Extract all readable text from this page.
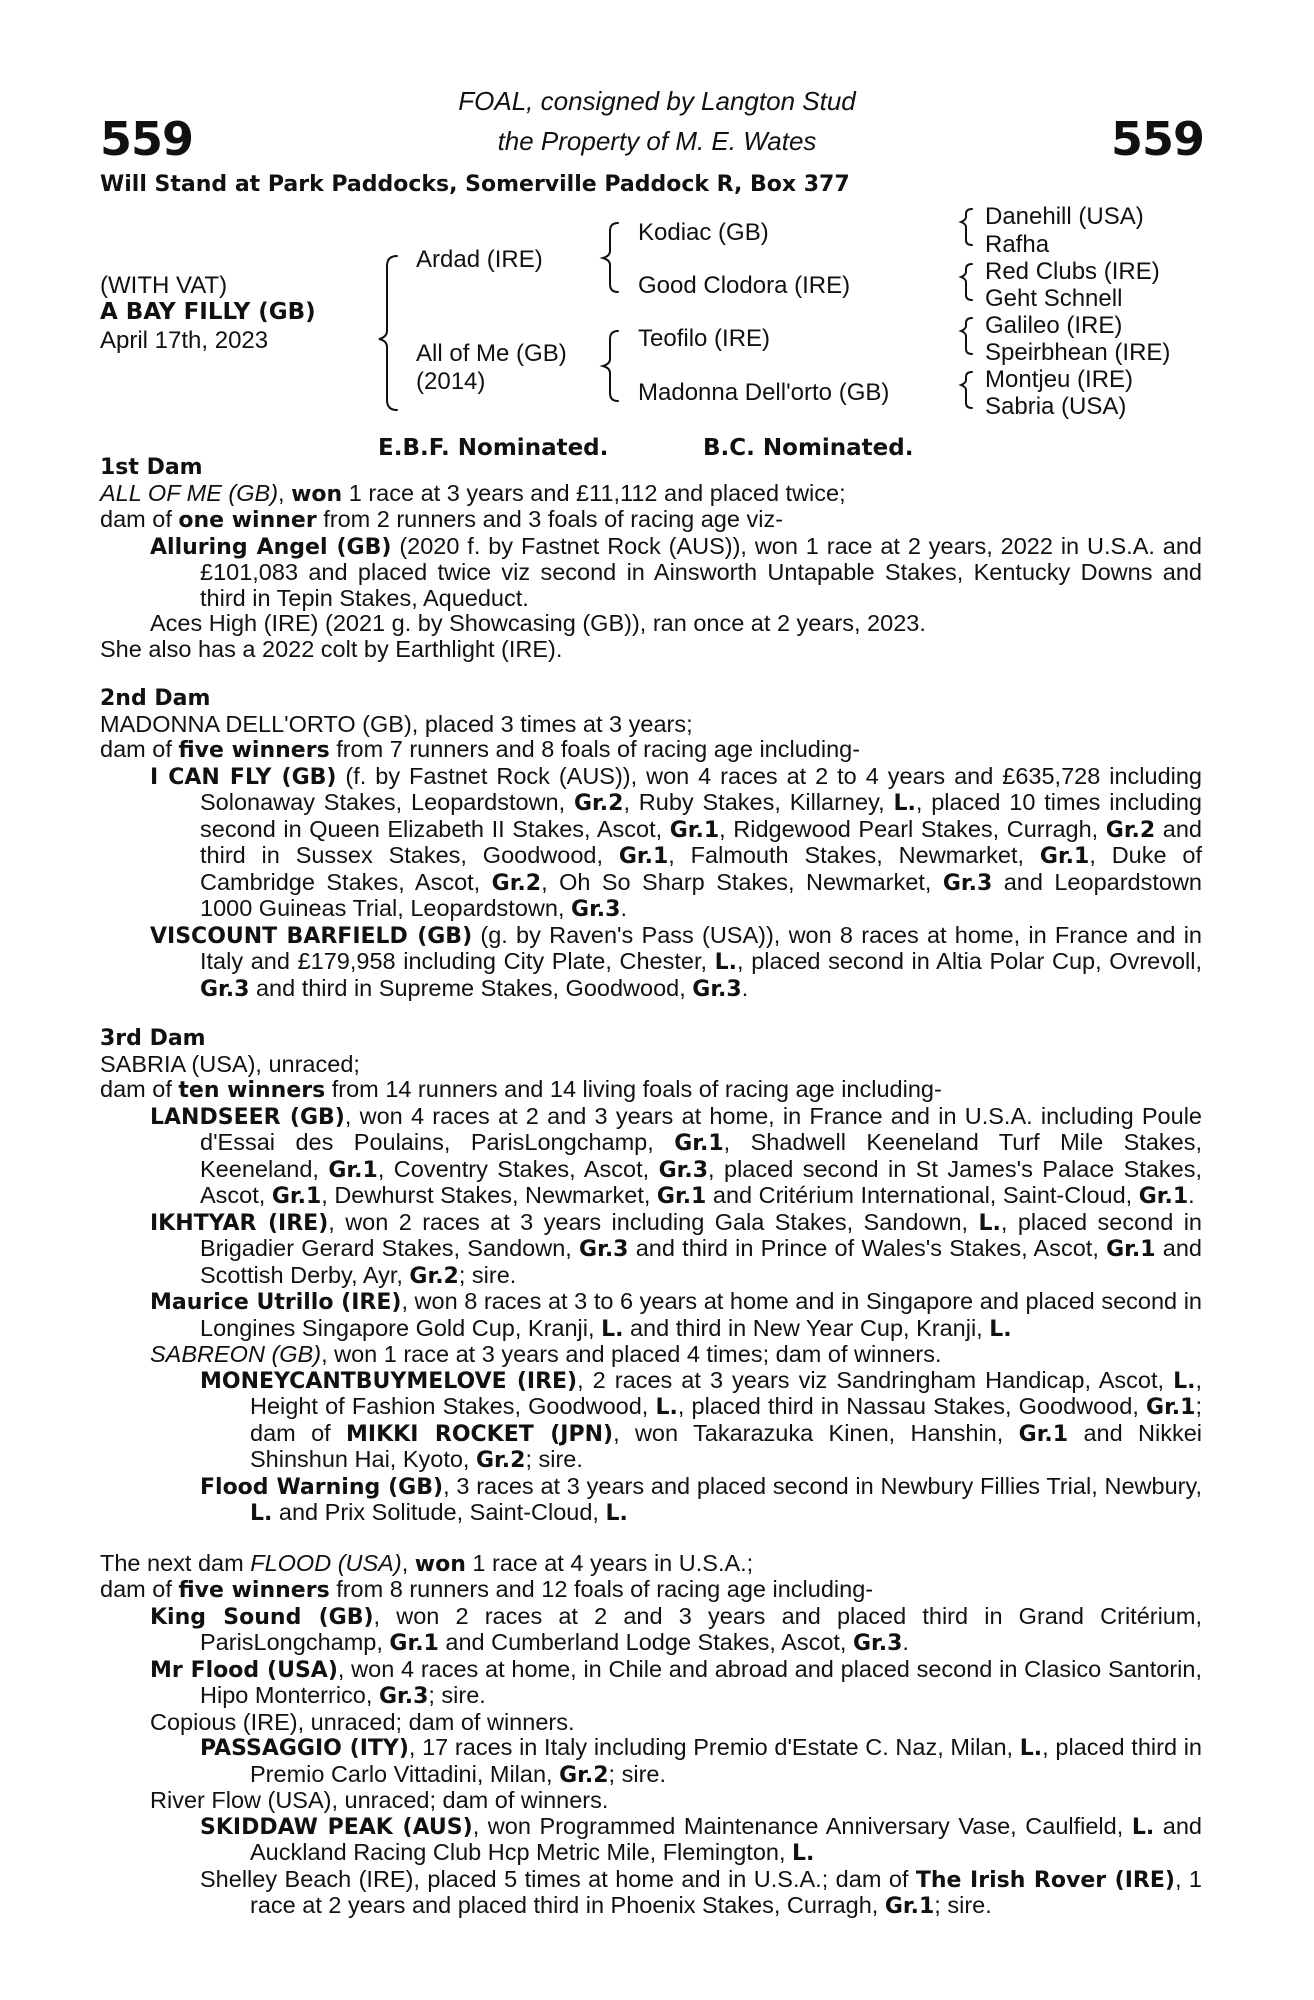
559	559
FOAL, consigned by Langton Stud
the Property of M. E. Wates
Will Stand at Park Paddocks, Somerville Paddock R, Box 377
(WITH VAT)
A BAY FILLY (GB)
April 17th, 2023
Ardad (IRE)
All of Me (GB)
(2014)
Kodiac (GB)
Good Clodora (IRE)
Teofilo (IRE)
Madonna Dell'orto (GB)
Danehill (USA)
Rafha
Red Clubs (IRE)
Geht Schnell
Galileo (IRE)
Speirbhean (IRE)
Montjeu (IRE)
Sabria (USA)
E.B.F. Nominated.	B.C. Nominated.

1st Dam

ALL OF ME (GB), won 1 race at 3 years and £11,112 and placed twice;

dam of one winner from 2 runners and 3 foals of racing age viz-

Alluring Angel (GB) (2020 f. by Fastnet Rock (AUS)), won 1 race at 2 years, 2022 in U.S.A. and £101,083 and placed twice viz second in Ainsworth Untapable Stakes, Kentucky Downs and third in Tepin Stakes, Aqueduct.

Aces High (IRE) (2021 g. by Showcasing (GB)), ran once at 2 years, 2023.

She also has a 2022 colt by Earthlight (IRE).

2nd Dam

MADONNA DELL'ORTO (GB), placed 3 times at 3 years;

dam of five winners from 7 runners and 8 foals of racing age including-

I CAN FLY (GB) (f. by Fastnet Rock (AUS)), won 4 races at 2 to 4 years and £635,728 including Solonaway Stakes, Leopardstown, Gr.2, Ruby Stakes, Killarney, L., placed 10 times including second in Queen Elizabeth II Stakes, Ascot, Gr.1, Ridgewood Pearl Stakes, Curragh, Gr.2 and third in Sussex Stakes, Goodwood, Gr.1, Falmouth Stakes, Newmarket, Gr.1, Duke of Cambridge Stakes, Ascot, Gr.2, Oh So Sharp Stakes, Newmarket, Gr.3 and Leopardstown 1000 Guineas Trial, Leopardstown, Gr.3.

VISCOUNT BARFIELD (GB) (g. by Raven's Pass (USA)), won 8 races at home, in France and in Italy and £179,958 including City Plate, Chester, L., placed second in Altia Polar Cup, Ovrevoll, Gr.3 and third in Supreme Stakes, Goodwood, Gr.3.

3rd Dam

SABRIA (USA), unraced;

dam of ten winners from 14 runners and 14 living foals of racing age including-

LANDSEER (GB), won 4 races at 2 and 3 years at home, in France and in U.S.A. including Poule d'Essai des Poulains, ParisLongchamp, Gr.1, Shadwell Keeneland Turf Mile Stakes, Keeneland, Gr.1, Coventry Stakes, Ascot, Gr.3, placed second in St James's Palace Stakes, Ascot, Gr.1, Dewhurst Stakes, Newmarket, Gr.1 and Critérium International, Saint-Cloud, Gr.1.

IKHTYAR (IRE), won 2 races at 3 years including Gala Stakes, Sandown, L., placed second in Brigadier Gerard Stakes, Sandown, Gr.3 and third in Prince of Wales's Stakes, Ascot, Gr.1 and Scottish Derby, Ayr, Gr.2; sire.

Maurice Utrillo (IRE), won 8 races at 3 to 6 years at home and in Singapore and placed second in Longines Singapore Gold Cup, Kranji, L. and third in New Year Cup, Kranji, L.

SABREON (GB), won 1 race at 3 years and placed 4 times; dam of winners.

MONEYCANTBUYMELOVE (IRE), 2 races at 3 years viz Sandringham Handicap, Ascot, L., Height of Fashion Stakes, Goodwood, L., placed third in Nassau Stakes, Goodwood, Gr.1; dam of MIKKI ROCKET (JPN), won Takarazuka Kinen, Hanshin, Gr.1 and Nikkei Shinshun Hai, Kyoto, Gr.2; sire.

Flood Warning (GB), 3 races at 3 years and placed second in Newbury Fillies Trial, Newbury, L. and Prix Solitude, Saint-Cloud, L.

The next dam FLOOD (USA), won 1 race at 4 years in U.S.A.;

dam of five winners from 8 runners and 12 foals of racing age including-

King Sound (GB), won 2 races at 2 and 3 years and placed third in Grand Critérium, ParisLongchamp, Gr.1 and Cumberland Lodge Stakes, Ascot, Gr.3.

Mr Flood (USA), won 4 races at home, in Chile and abroad and placed second in Clasico Santorin, Hipo Monterrico, Gr.3; sire.

Copious (IRE), unraced; dam of winners.

PASSAGGIO (ITY), 17 races in Italy including Premio d'Estate C. Naz, Milan, L., placed third in Premio Carlo Vittadini, Milan, Gr.2; sire.

River Flow (USA), unraced; dam of winners.

SKIDDAW PEAK (AUS), won Programmed Maintenance Anniversary Vase, Caulfield, L. and Auckland Racing Club Hcp Metric Mile, Flemington, L.

Shelley Beach (IRE), placed 5 times at home and in U.S.A.; dam of The Irish Rover (IRE), 1 race at 2 years and placed third in Phoenix Stakes, Curragh, Gr.1; sire.
